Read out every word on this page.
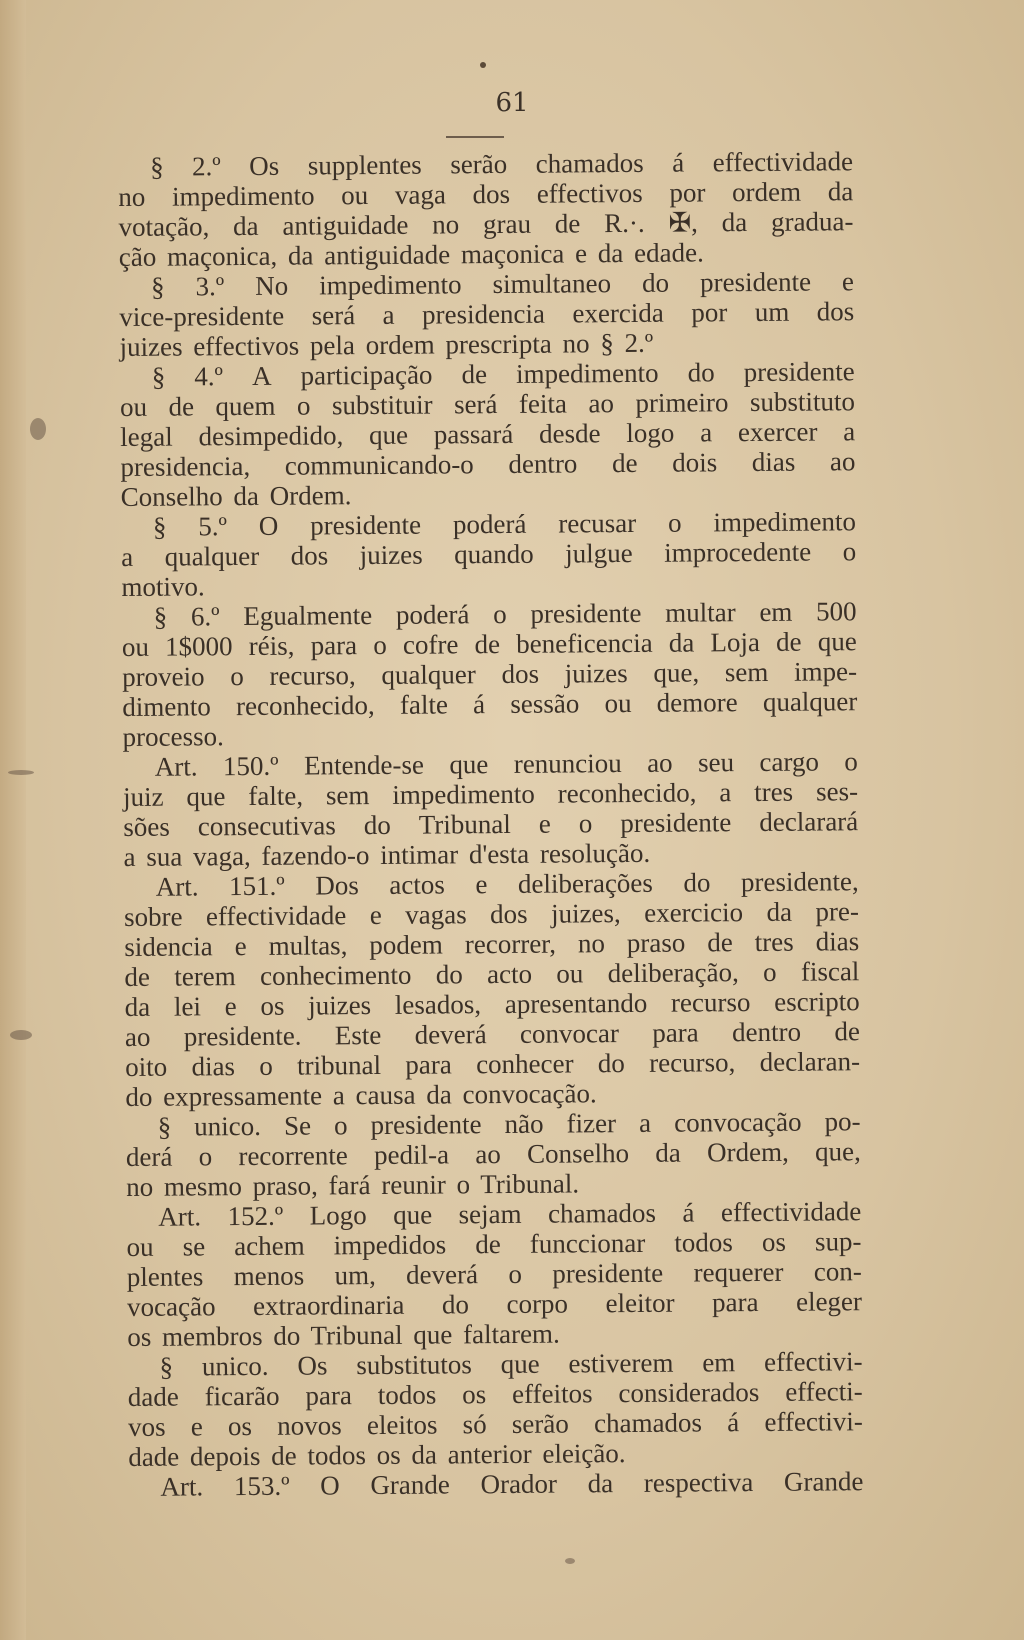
61
§ 2.º Os supplentes serão chamados á effectividade
no impedimento ou vaga dos effectivos por ordem da
votação, da antiguidade no grau de R.·. ✠, da gradua-
ção maçonica, da antiguidade maçonica e da edade.
§ 3.º No impedimento simultaneo do presidente e
vice-presidente será a presidencia exercida por um dos
juizes effectivos pela ordem prescripta no § 2.º
§ 4.º A participação de impedimento do presidente
ou de quem o substituir será feita ao primeiro substituto
legal desimpedido, que passará desde logo a exercer a
presidencia, communicando-o dentro de dois dias ao
Conselho da Ordem.
§ 5.º O presidente poderá recusar o impedimento
a qualquer dos juizes quando julgue improcedente o
motivo.
§ 6.º Egualmente poderá o presidente multar em 500
ou 1$000 réis, para o cofre de beneficencia da Loja de que
proveio o recurso, qualquer dos juizes que, sem impe-
dimento reconhecido, falte á sessão ou demore qualquer
processo.
Art. 150.º Entende-se que renunciou ao seu cargo o
juiz que falte, sem impedimento reconhecido, a tres ses-
sões consecutivas do Tribunal e o presidente declarará
a sua vaga, fazendo-o intimar d'esta resolução.
Art. 151.º Dos actos e deliberações do presidente,
sobre effectividade e vagas dos juizes, exercicio da pre-
sidencia e multas, podem recorrer, no praso de tres dias
de terem conhecimento do acto ou deliberação, o fiscal
da lei e os juizes lesados, apresentando recurso escripto
ao presidente. Este deverá convocar para dentro de
oito dias o tribunal para conhecer do recurso, declaran-
do expressamente a causa da convocação.
§ unico. Se o presidente não fizer a convocação po-
derá o recorrente pedil-a ao Conselho da Ordem, que,
no mesmo praso, fará reunir o Tribunal.
Art. 152.º Logo que sejam chamados á effectividade
ou se achem impedidos de funccionar todos os sup-
plentes menos um, deverá o presidente requerer con-
vocação extraordinaria do corpo eleitor para eleger
os membros do Tribunal que faltarem.
§ unico. Os substitutos que estiverem em effectivi-
dade ficarão para todos os effeitos considerados effecti-
vos e os novos eleitos só serão chamados á effectivi-
dade depois de todos os da anterior eleição.
Art. 153.º O Grande Orador da respectiva Grande
